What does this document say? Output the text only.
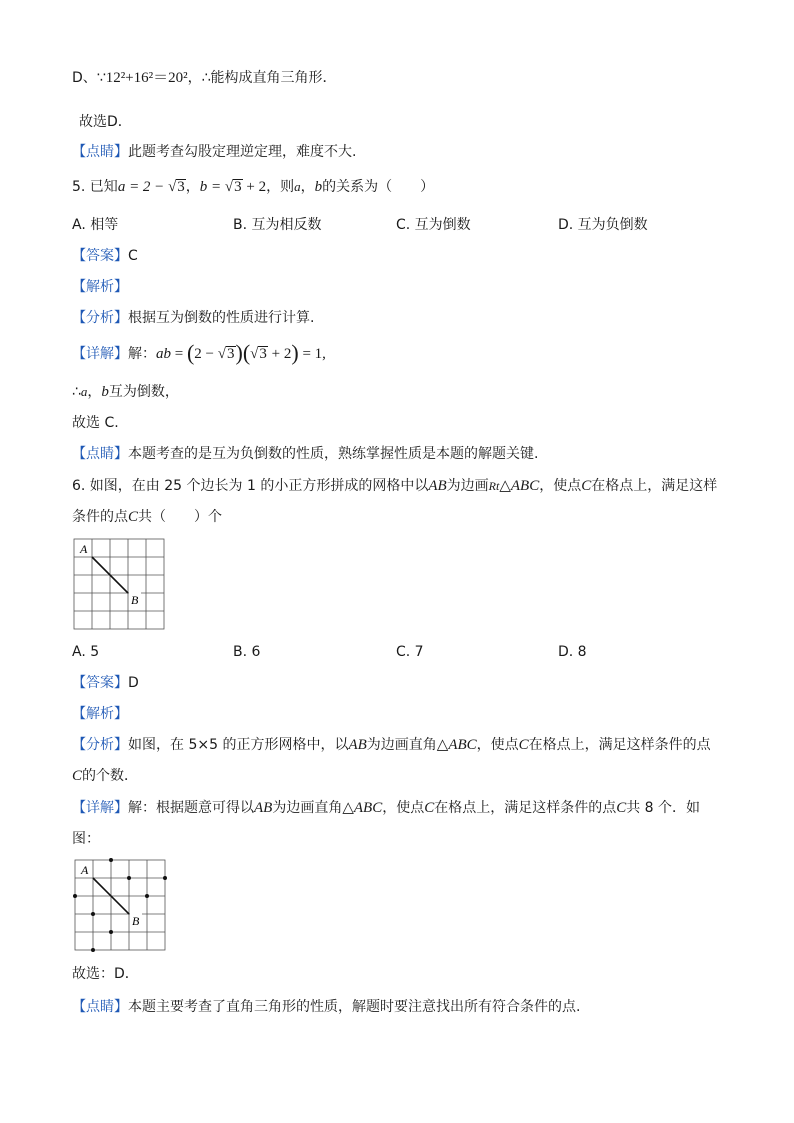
D、∵12²+16²＝20²，∴能构成直角三角形．
故选D．
【点睛】此题考查勾股定理逆定理，难度不大.
5. 已知a = 2 − √3，b = √3 + 2，则a，b的关系为（　　）
A. 相等	B. 互为相反数	C. 互为倒数	D. 互为负倒数
【答案】C
【解析】
【分析】根据互为倒数的性质进行计算.
【详解】解：ab = (2 − √3)(√3 + 2) = 1,
∴a，b互为倒数，
故选 C.
【点睛】本题考查的是互为负倒数的性质，熟练掌握性质是本题的解题关键.
6. 如图，在由 25 个边长为 1 的小正方形拼成的网格中以AB为边画Rt△ABC，使点C在格点上，满足这样
条件的点C共（　　）个
A
B
A. 5	B. 6	C. 7	D. 8
【答案】D
【解析】
【分析】如图，在 5×5 的正方形网格中，以AB为边画直角△ABC，使点C在格点上，满足这样条件的点
C的个数．
【详解】解：根据题意可得以AB为边画直角△ABC，使点C在格点上，满足这样条件的点C共 8 个．如
图：
A
B
故选：D．
【点睛】本题主要考查了直角三角形的性质，解题时要注意找出所有符合条件的点.
